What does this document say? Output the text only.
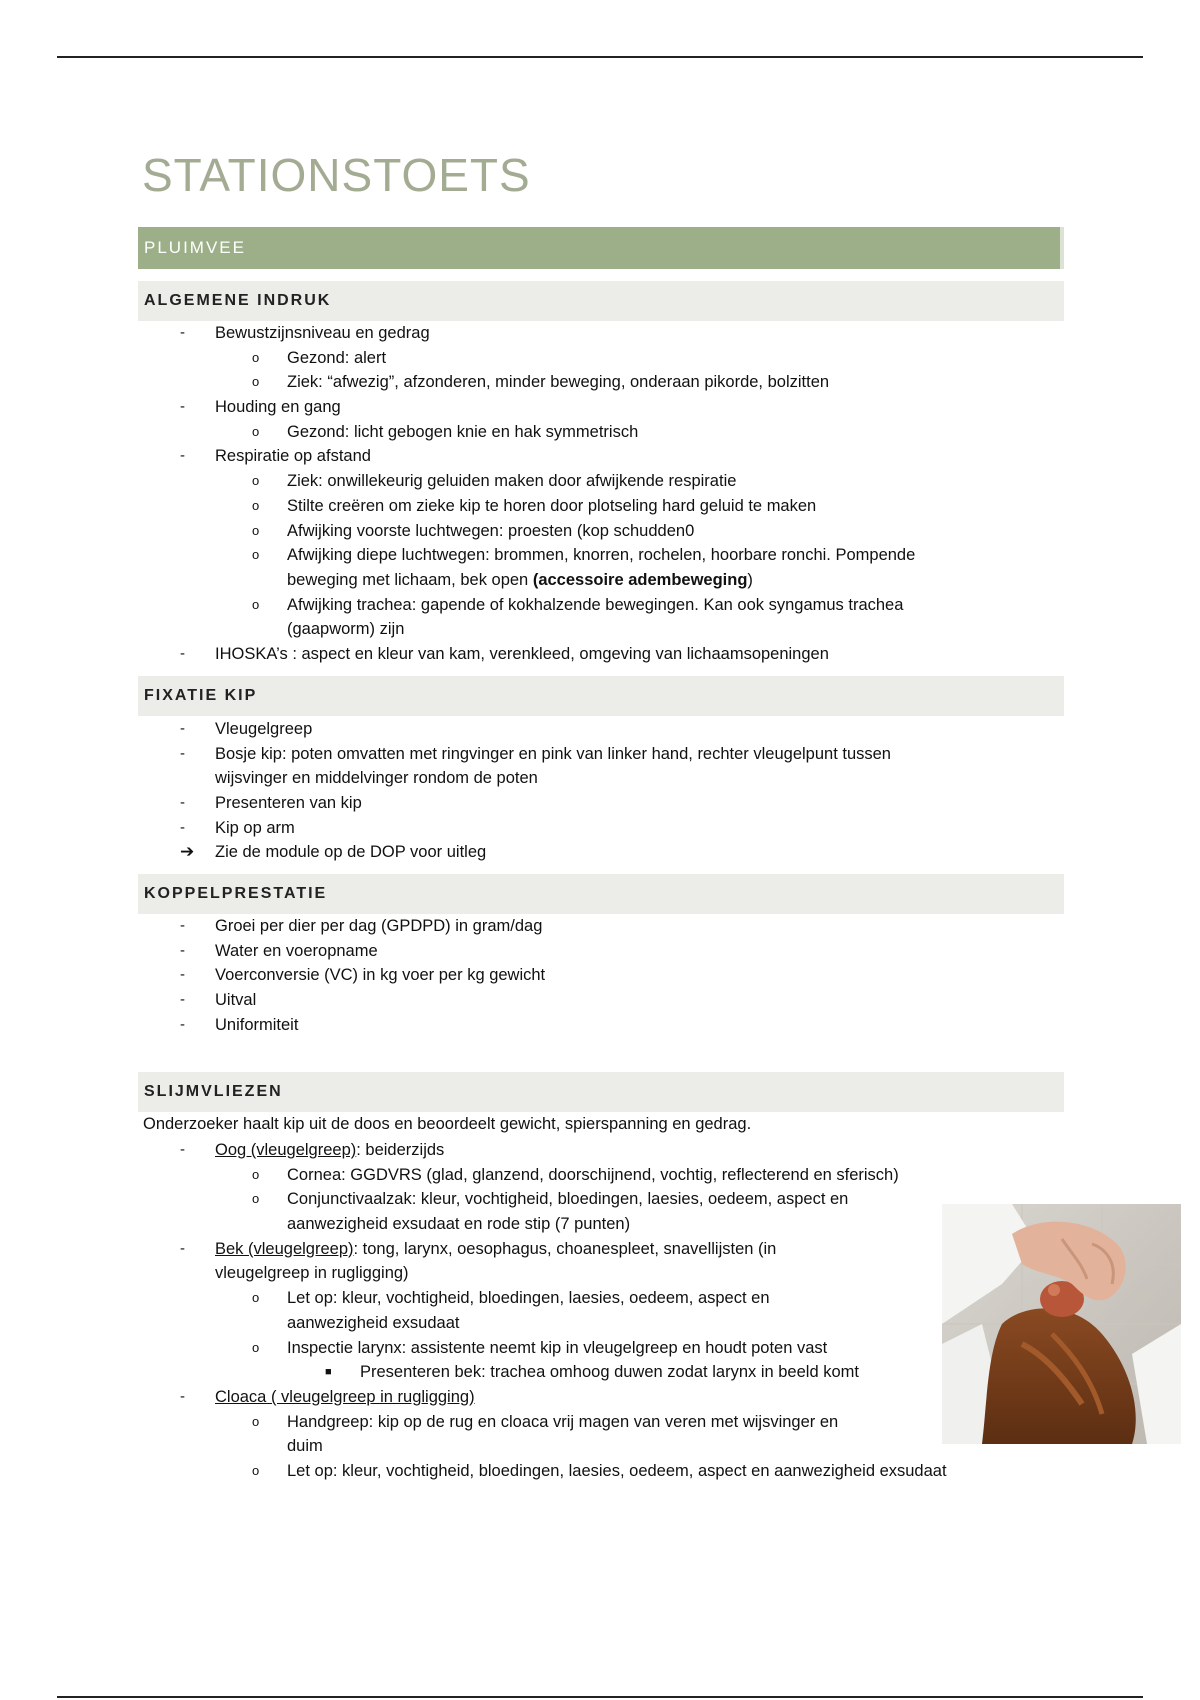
STATIONSTOETS
PLUIMVEE
ALGEMENE INDRUK
- Bewustzijnsniveau en gedrag
o Gezond: alert
o Ziek: “afwezig”, afzonderen, minder beweging, onderaan pikorde, bolzitten
- Houding en gang
o Gezond: licht gebogen knie en hak symmetrisch
- Respiratie op afstand
o Ziek: onwillekeurig geluiden maken door afwijkende respiratie
o Stilte creëren om zieke kip te horen door plotseling hard geluid te maken
o Afwijking voorste luchtwegen: proesten (kop schudden0
o Afwijking diepe luchtwegen: brommen, knorren, rochelen, hoorbare ronchi. Pompende
beweging met lichaam, bek open (accessoire adembeweging)
o Afwijking trachea: gapende of kokhalzende bewegingen. Kan ook syngamus trachea
(gaapworm) zijn
- IHOSKA’s : aspect en kleur van kam, verenkleed, omgeving van lichaamsopeningen
FIXATIE KIP
- Vleugelgreep
- Bosje kip: poten omvatten met ringvinger en pink van linker hand, rechter vleugelpunt tussen
wijsvinger en middelvinger rondom de poten
- Presenteren van kip
- Kip op arm
➔ Zie de module op de DOP voor uitleg
KOPPELPRESTATIE
- Groei per dier per dag (GPDPD) in gram/dag
- Water en voeropname
- Voerconversie (VC) in kg voer per kg gewicht
- Uitval
- Uniformiteit
SLIJMVLIEZEN
Onderzoeker haalt kip uit de doos en beoordeelt gewicht, spierspanning en gedrag.
- Oog (vleugelgreep): beiderzijds
o Cornea: GGDVRS (glad, glanzend, doorschijnend, vochtig, reflecterend en sferisch)
o Conjunctivaalzak: kleur, vochtigheid, bloedingen, laesies, oedeem, aspect en
aanwezigheid exsudaat en rode stip (7 punten)
- Bek (vleugelgreep): tong, larynx, oesophagus, choanespleet, snavellijsten (in
vleugelgreep in rugligging)
o Let op: kleur, vochtigheid, bloedingen, laesies, oedeem, aspect en
aanwezigheid exsudaat
o Inspectie larynx: assistente neemt kip in vleugelgreep en houdt poten vast
■ Presenteren bek: trachea omhoog duwen zodat larynx in beeld komt
- Cloaca ( vleugelgreep in rugligging)
o Handgreep: kip op de rug en cloaca vrij magen van veren met wijsvinger en
duim
o Let op: kleur, vochtigheid, bloedingen, laesies, oedeem, aspect en aanwezigheid exsudaat
